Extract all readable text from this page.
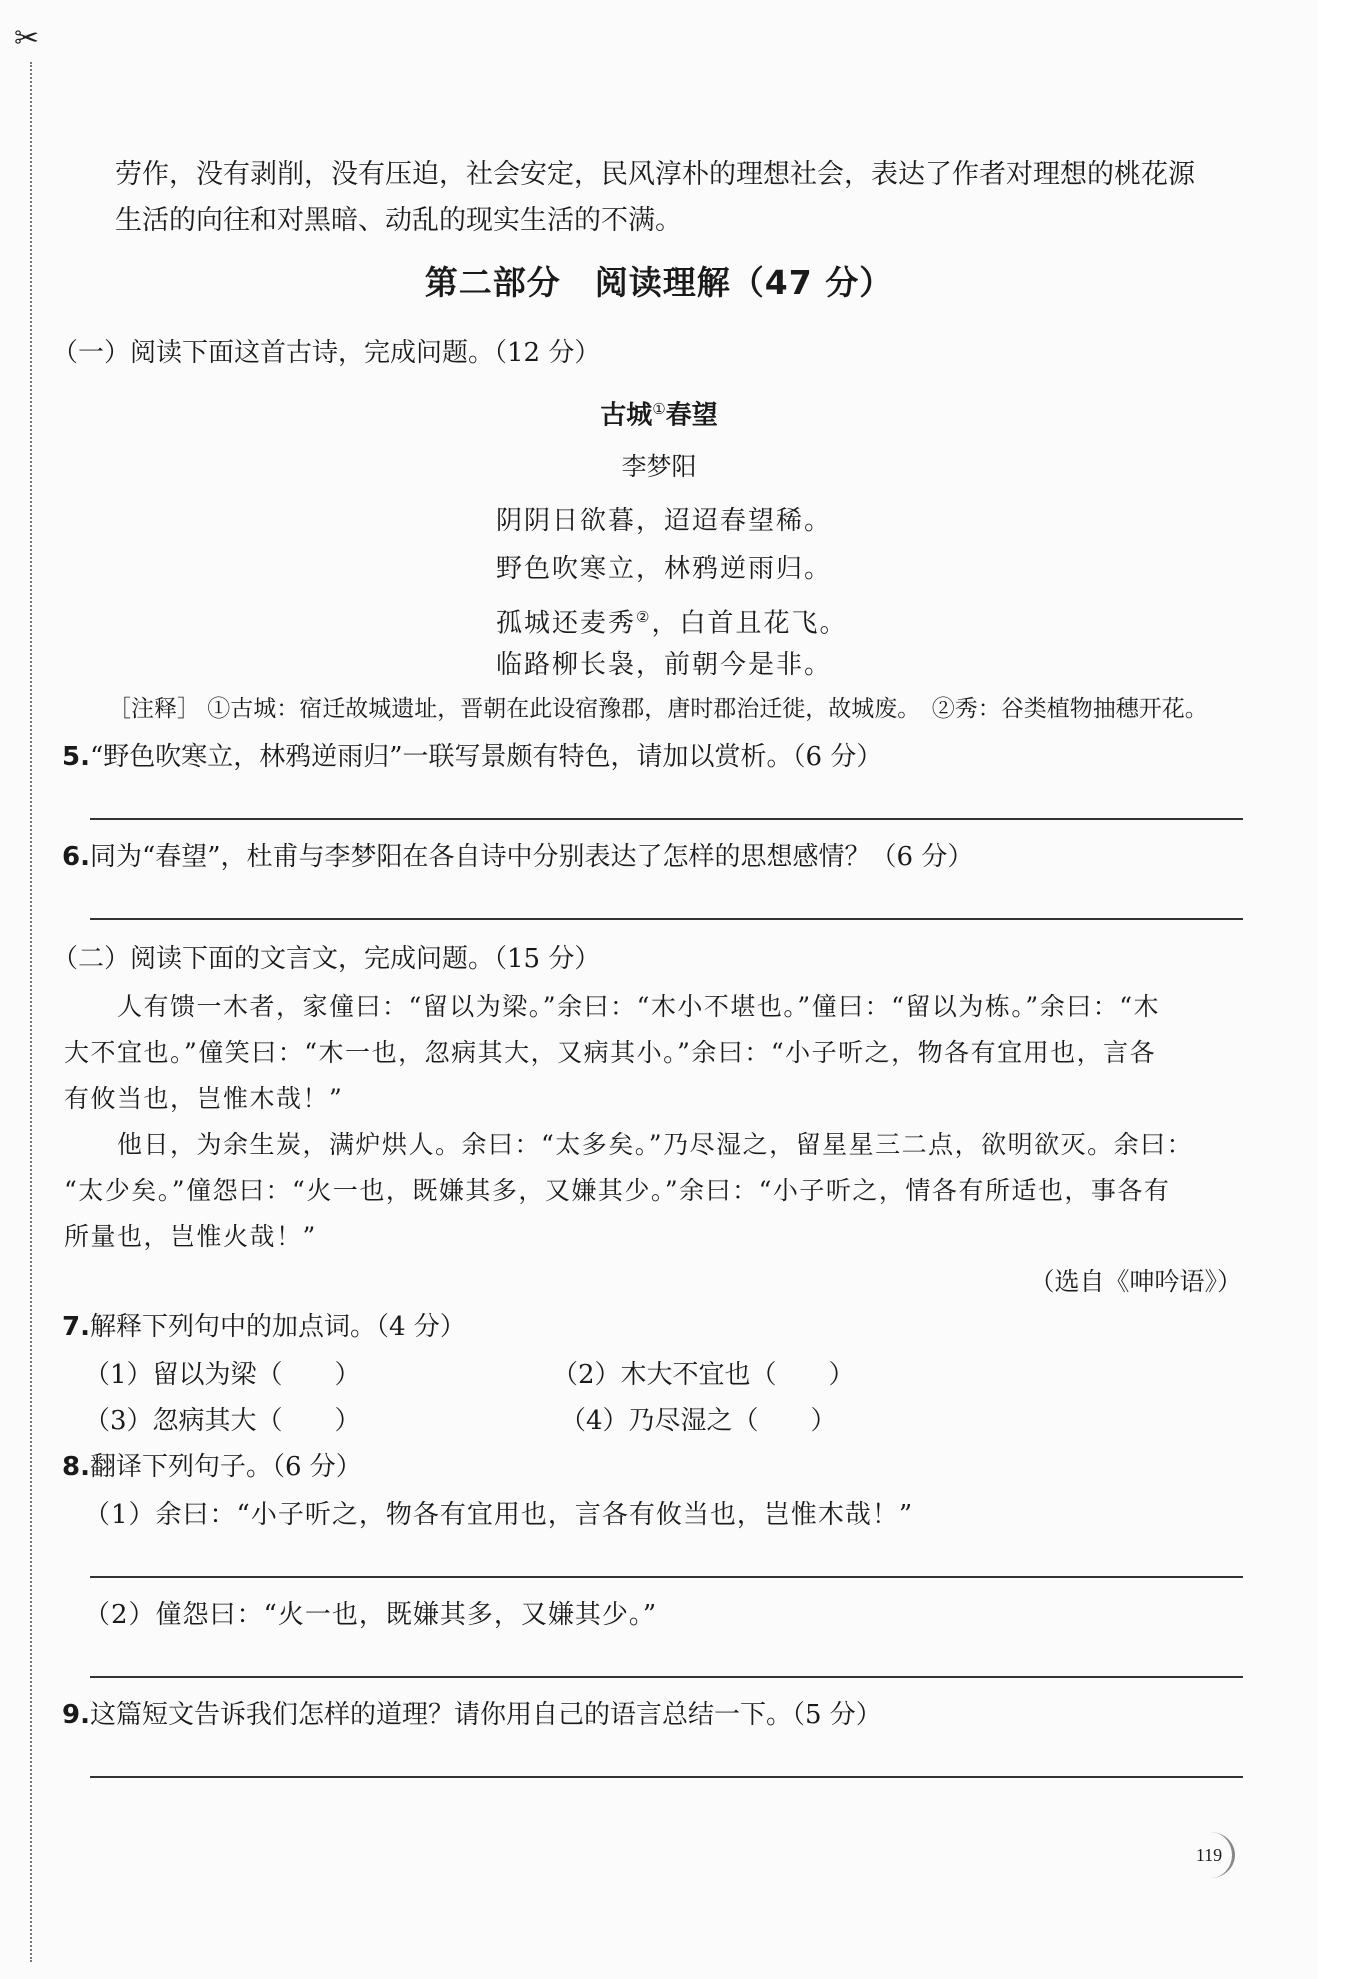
✂
劳作，没有剥削，没有压迫，社会安定，民风淳朴的理想社会，表达了作者对理想的桃花源
生活的向往和对黑暗、动乱的现实生活的不满。
第二部分　阅读理解（47 分）
（一）阅读下面这首古诗，完成问题。（12 分）
古城①春望
李梦阳
阴阴日欲暮，迢迢春望稀。
野色吹寒立，林鸦逆雨归。
孤城还麦秀②，白首且花飞。
临路柳长袅，前朝今是非。
［注释］ ①古城：宿迁故城遗址，晋朝在此设宿豫郡，唐时郡治迁徙，故城废。　②秀：谷类植物抽穗开花。
5.“野色吹寒立，林鸦逆雨归”一联写景颇有特色，请加以赏析。（6 分）
6.同为“春望”，杜甫与李梦阳在各自诗中分别表达了怎样的思想感情？（6 分）
（二）阅读下面的文言文，完成问题。（15 分）
人有馈一木者，家僮曰：“留以为梁。”余曰：“木小不堪也。”僮曰：“留以为栋。”余曰：“木
大不宜也。”僮笑曰：“木一也，忽病其大，又病其小。”余曰：“小子听之，物各有宜用也，言各
有攸当也，岂惟木哉！”
他日，为余生炭，满炉烘人。余曰：“太多矣。”乃尽湿之，留星星三二点，欲明欲灭。余曰：
“太少矣。”僮怨曰：“火一也，既嫌其多，又嫌其少。”余曰：“小子听之，情各有所适也，事各有
所量也，岂惟火哉！”
（选自《呻吟语》）
7.解释下列句中的加点词。（4 分）
（1）留以为梁（　　）	（2）木大不宜也（　　）
（3）忽病其大（　　）	（4）乃尽湿之（　　）
8.翻译下列句子。（6 分）
（1）余曰：“小子听之，物各有宜用也，言各有攸当也，岂惟木哉！”
（2）僮怨曰：“火一也，既嫌其多，又嫌其少。”
9.这篇短文告诉我们怎样的道理？请你用自己的语言总结一下。（5 分）
119
